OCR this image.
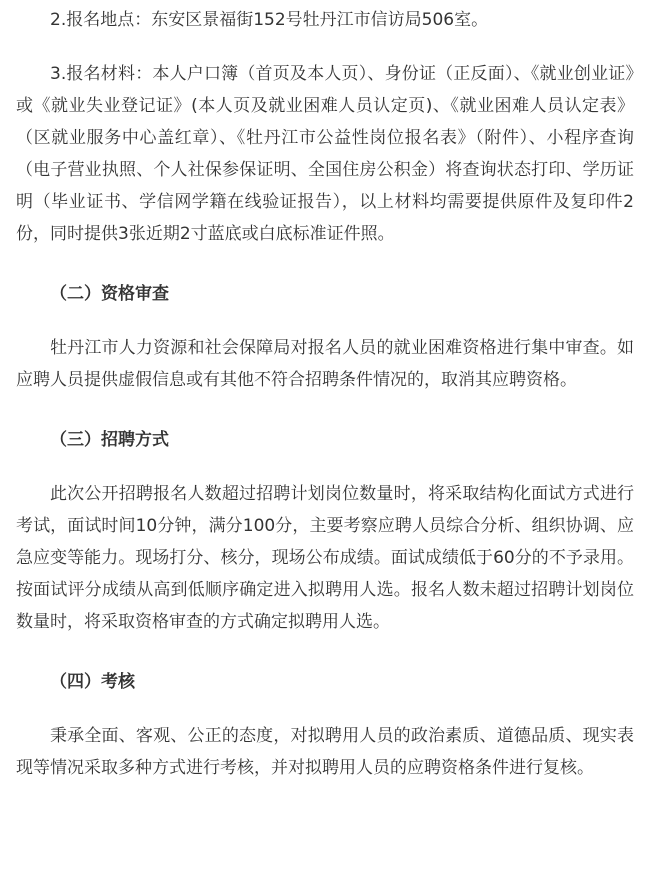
2.报名地点：东安区景福街152号牡丹江市信访局506室。

3.报名材料：本人户口簿（首页及本人页）、身份证（正反面）、《就业创业证》或《就业失业登记证》(本人页及就业困难人员认定页)、《就业困难人员认定表》（区就业服务中心盖红章）、《牡丹江市公益性岗位报名表》（附件）、小程序查询（电子营业执照、个人社保参保证明、全国住房公积金）将查询状态打印、学历证明（毕业证书、学信网学籍在线验证报告），以上材料均需要提供原件及复印件2份，同时提供3张近期2寸蓝底或白底标准证件照。

（二）资格审查

牡丹江市人力资源和社会保障局对报名人员的就业困难资格进行集中审查。如应聘人员提供虚假信息或有其他不符合招聘条件情况的，取消其应聘资格。

（三）招聘方式

此次公开招聘报名人数超过招聘计划岗位数量时，将采取结构化面试方式进行考试，面试时间10分钟，满分100分，主要考察应聘人员综合分析、组织协调、应急应变等能力。现场打分、核分，现场公布成绩。面试成绩低于60分的不予录用。按面试评分成绩从高到低顺序确定进入拟聘用人选。报名人数未超过招聘计划岗位数量时，将采取资格审查的方式确定拟聘用人选。

（四）考核

秉承全面、客观、公正的态度，对拟聘用人员的政治素质、道德品质、现实表现等情况采取多种方式进行考核，并对拟聘用人员的应聘资格条件进行复核。
